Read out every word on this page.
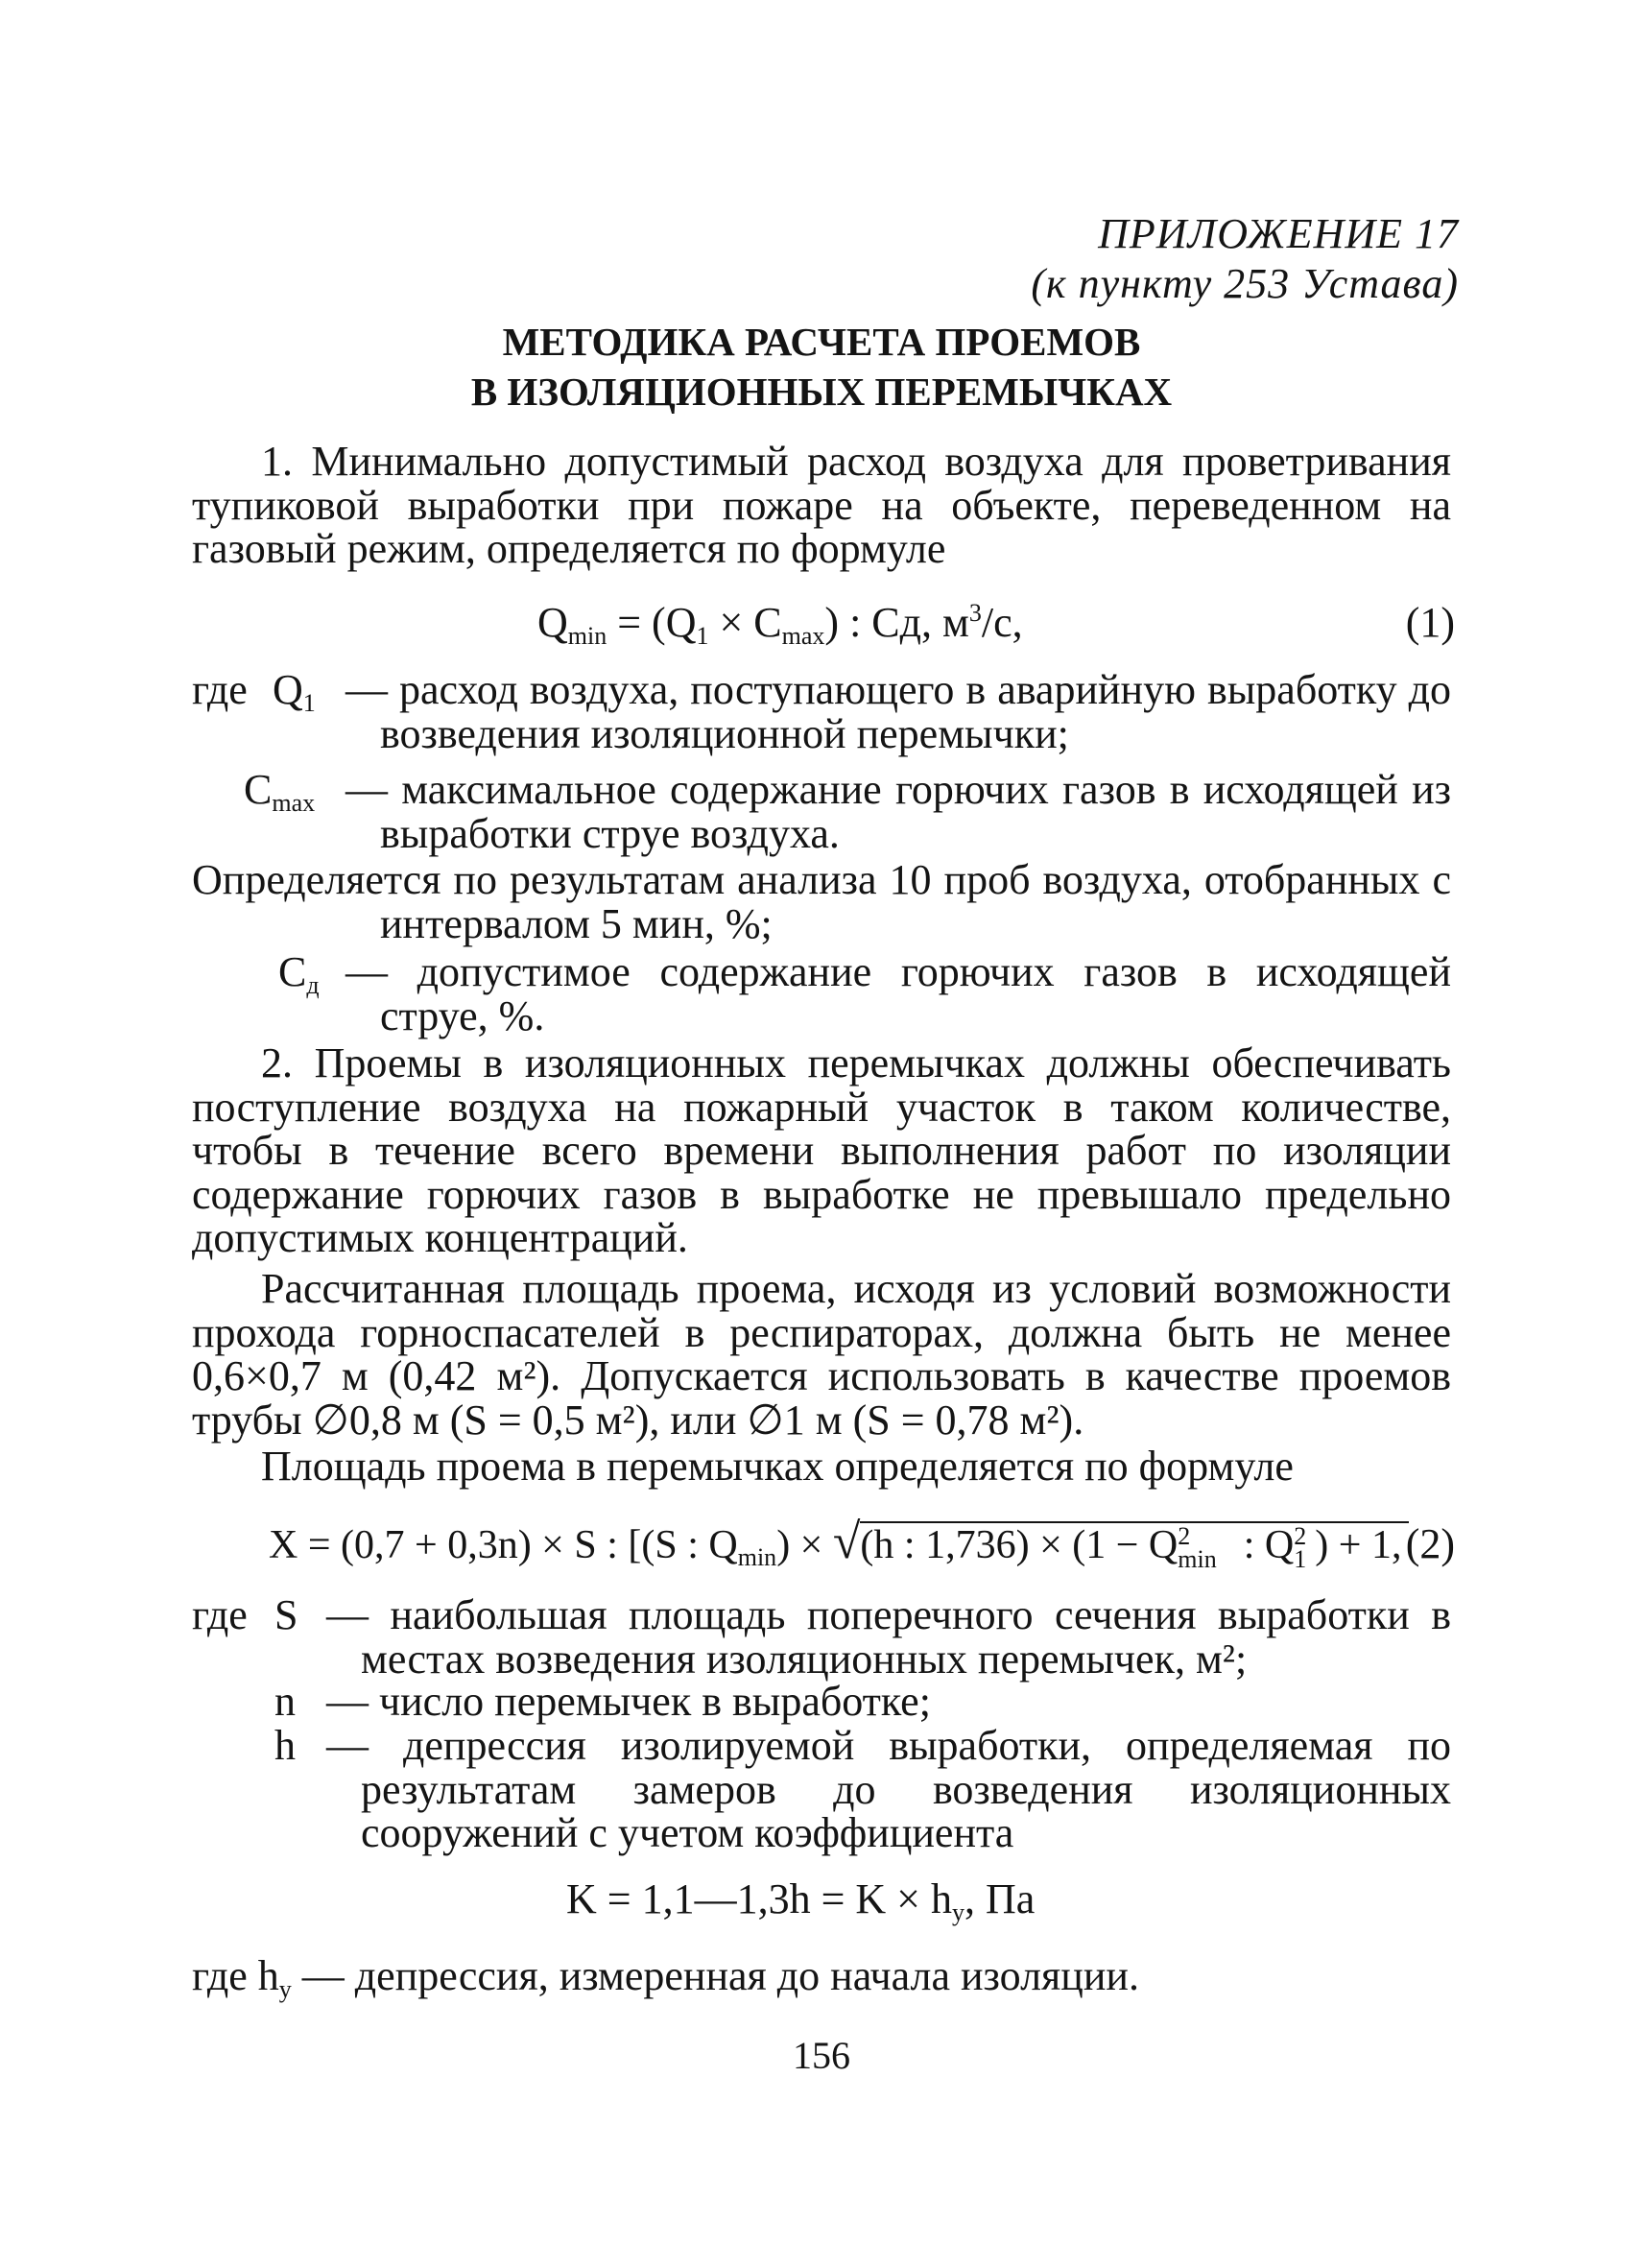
ПРИЛОЖЕНИЕ 17
(к пункту 253 Устава)
МЕТОДИКА РАСЧЕТА ПРОЕМОВ
В ИЗОЛЯЦИОННЫХ ПЕРЕМЫЧКАХ
1. Минимально допустимый расход воздуха для проветривания тупиковой выработки при пожаре на объекте, переведенном на газовый режим, определяется по формуле
$Q_{min} = (Q_1 \times C_{max})$ : Cд, $м^3/c$,	(1)
где $Q_1$ — расход воздуха, поступающего в аварийную выработку до возведения изоляционной перемычки;
$C_{max}$ — максимальное содержание горючих газов в исходящей из выработки струе воздуха.
Определяется по результатам анализа 10 проб воздуха, отобранных с интервалом 5 мин, %;
$C_д$ — допустимое содержание горючих газов в исходящей струе, %.
2. Проемы в изоляционных перемычках должны обеспечивать поступление воздуха на пожарный участок в таком количестве, чтобы в течение всего времени выполнения работ по изоляции содержание горючих газов в выработке не превышало предельно допустимых концентраций.
Рассчитанная площадь проема, исходя из условий возможности прохода горноспасателей в респираторах, должна быть не менее 0,6×0,7 м (0,42 м²). Допускается использовать в качестве проемов трубы ∅0,8 м (S = 0,5 м²), или ∅1 м (S = 0,78 м²).
Площадь проема в перемычках определяется по формуле
X = (0,7 + 0,3n) × S : [(S : $Q_{min}$) × √
(h : 1,736) × (1 − Q 2
min : Q 2
1 ) + 1, (2)
где S — наибольшая площадь поперечного сечения выработки в местах возведения изоляционных перемычек, м²;
n — число перемычек в выработке;
h — депрессия изолируемой выработки, определяемая по результатам замеров до возведения изоляционных сооружений с учетом коэффициента
K = 1,1—1,3h = $K \times h_y$, Па
где $h_y$ — депрессия, измеренная до начала изоляции.
156
